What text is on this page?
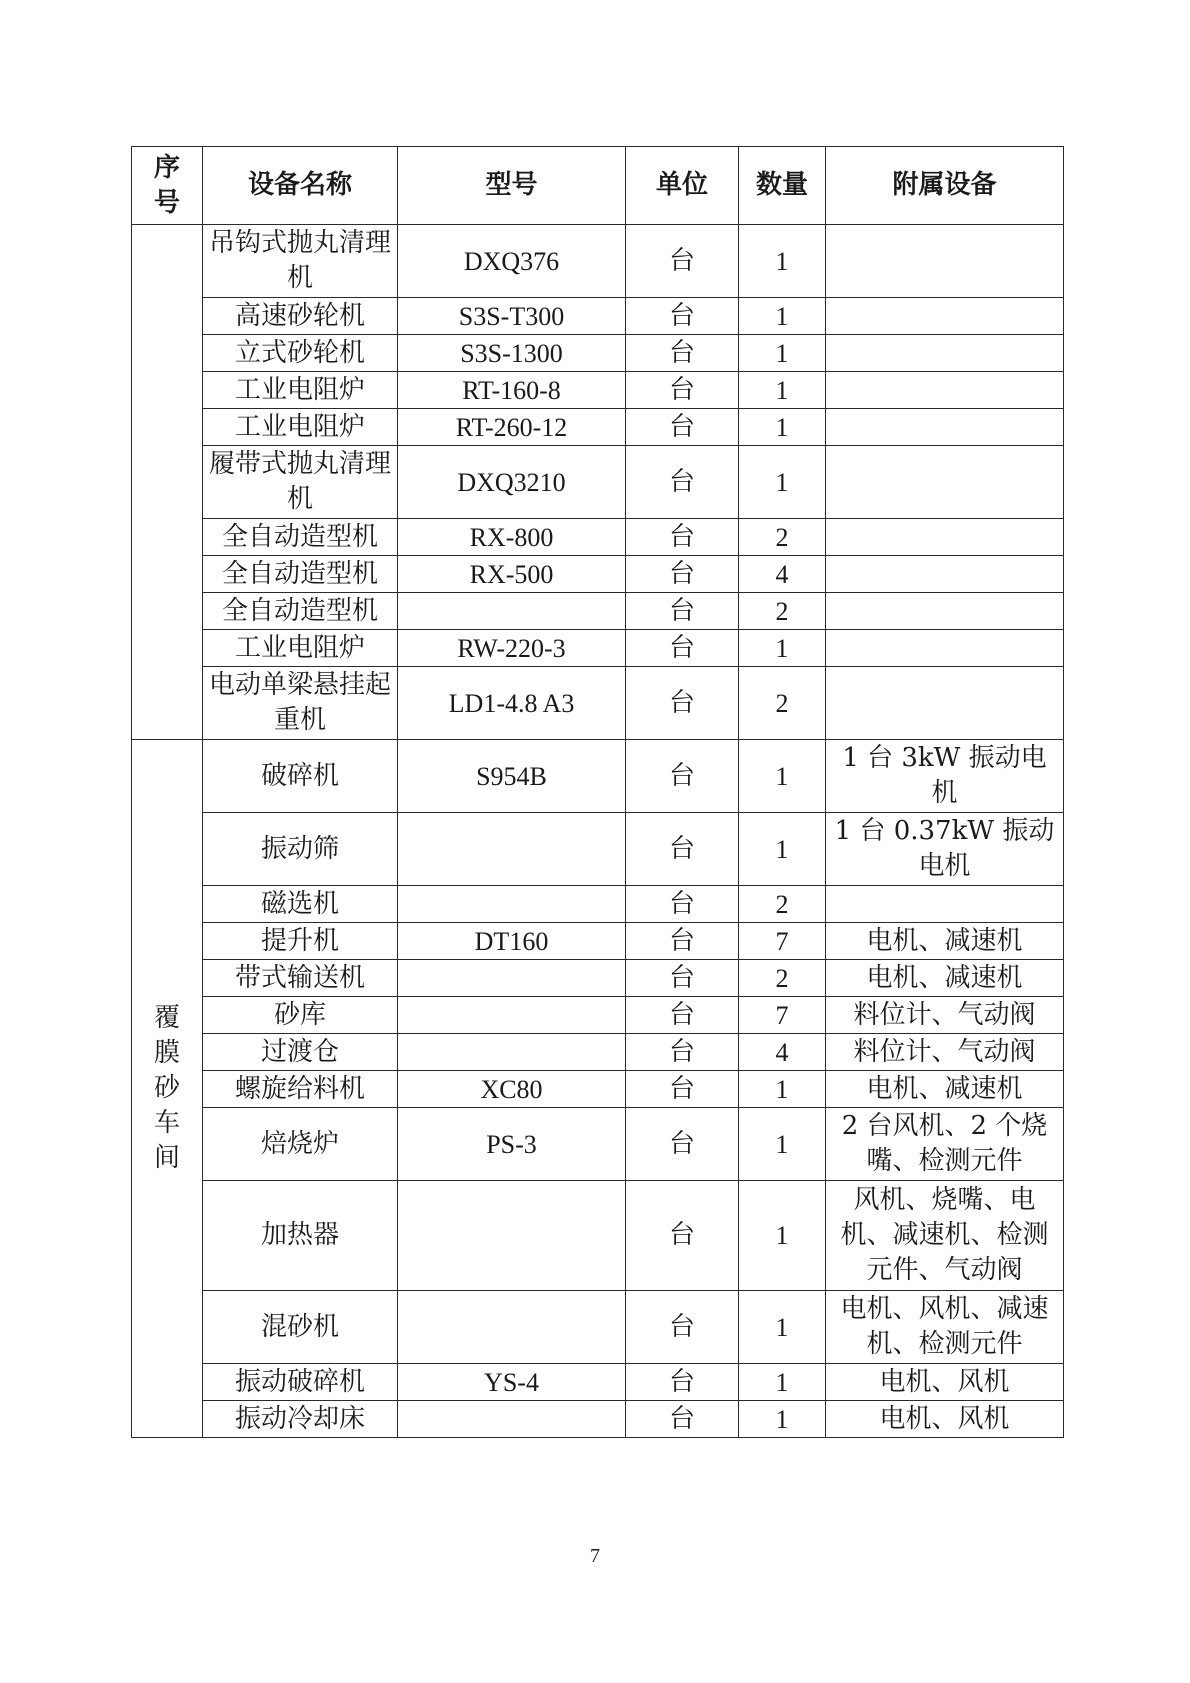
序号	设备名称	型号	单位	数量	附属设备
	吊钩式抛丸清理机	DXQ376	台	1	
	高速砂轮机	S3S-T300	台	1	
	立式砂轮机	S3S-1300	台	1	
	工业电阻炉	RT-160-8	台	1	
	工业电阻炉	RT-260-12	台	1	
	履带式抛丸清理机	DXQ3210	台	1	
	全自动造型机	RX-800	台	2	
	全自动造型机	RX-500	台	4	
	全自动造型机		台	2	
	工业电阻炉	RW-220-3	台	1	
	电动单梁悬挂起重机	LD1-4.8 A3	台	2	
覆膜砂车间	破碎机	S954B	台	1	1 台 3kW 振动电机
	振动筛		台	1	1 台 0.37kW 振动电机
	磁选机		台	2	
	提升机	DT160	台	7	电机、减速机
	带式输送机		台	2	电机、减速机
	砂库		台	7	料位计、气动阀
	过渡仓		台	4	料位计、气动阀
	螺旋给料机	XC80	台	1	电机、减速机
	焙烧炉	PS-3	台	1	2 台风机、2 个烧嘴、检测元件
	加热器		台	1	风机、烧嘴、电机、减速机、检测元件、气动阀
	混砂机		台	1	电机、风机、减速机、检测元件
	振动破碎机	YS-4	台	1	电机、风机
	振动冷却床		台	1	电机、风机
7
